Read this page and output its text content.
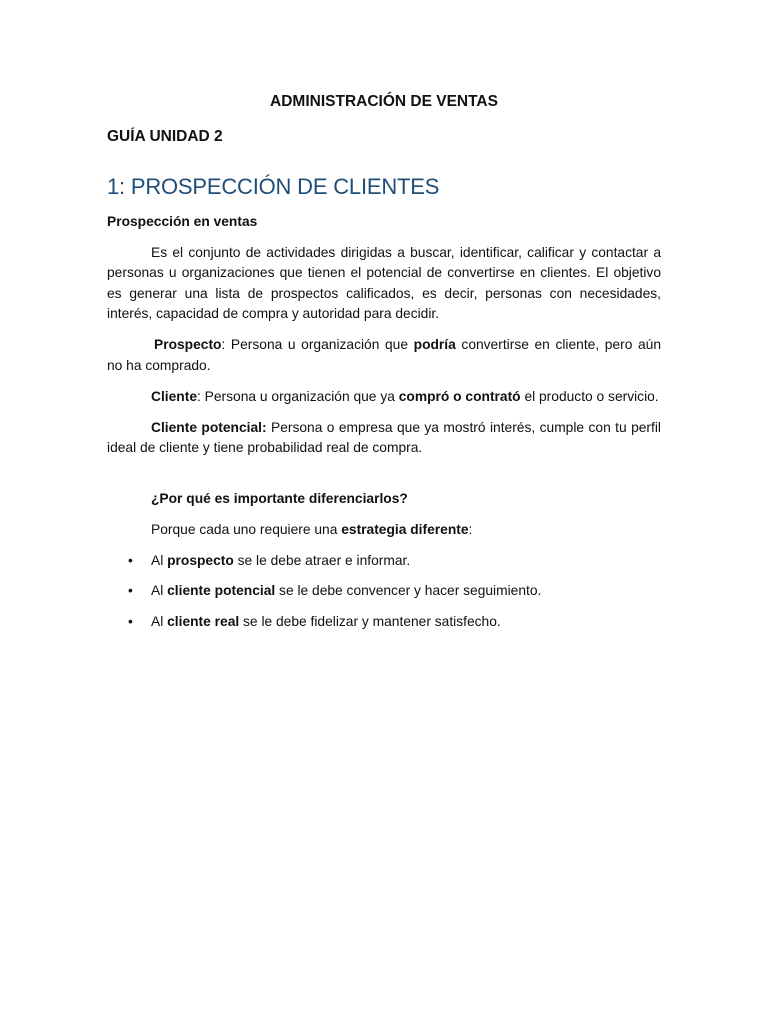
ADMINISTRACIÓN DE VENTAS
GUÍA UNIDAD 2
1: PROSPECCIÓN DE CLIENTES

Prospección en ventas

Es el conjunto de actividades dirigidas a buscar, identificar, calificar y contactar a personas u organizaciones que tienen el potencial de convertirse en clientes. El objetivo es generar una lista de prospectos calificados, es decir, personas con necesidades, interés, capacidad de compra y autoridad para decidir.

Prospecto: Persona u organización que podría convertirse en cliente, pero aún no ha comprado.

Cliente: Persona u organización que ya compró o contrató el producto o servicio.

Cliente potencial: Persona o empresa que ya mostró interés, cumple con tu perfil ideal de cliente y tiene probabilidad real de compra.

¿Por qué es importante diferenciarlos?

Porque cada uno requiere una estrategia diferente:

• Al prospecto se le debe atraer e informar.
• Al cliente potencial se le debe convencer y hacer seguimiento.
• Al cliente real se le debe fidelizar y mantener satisfecho.
